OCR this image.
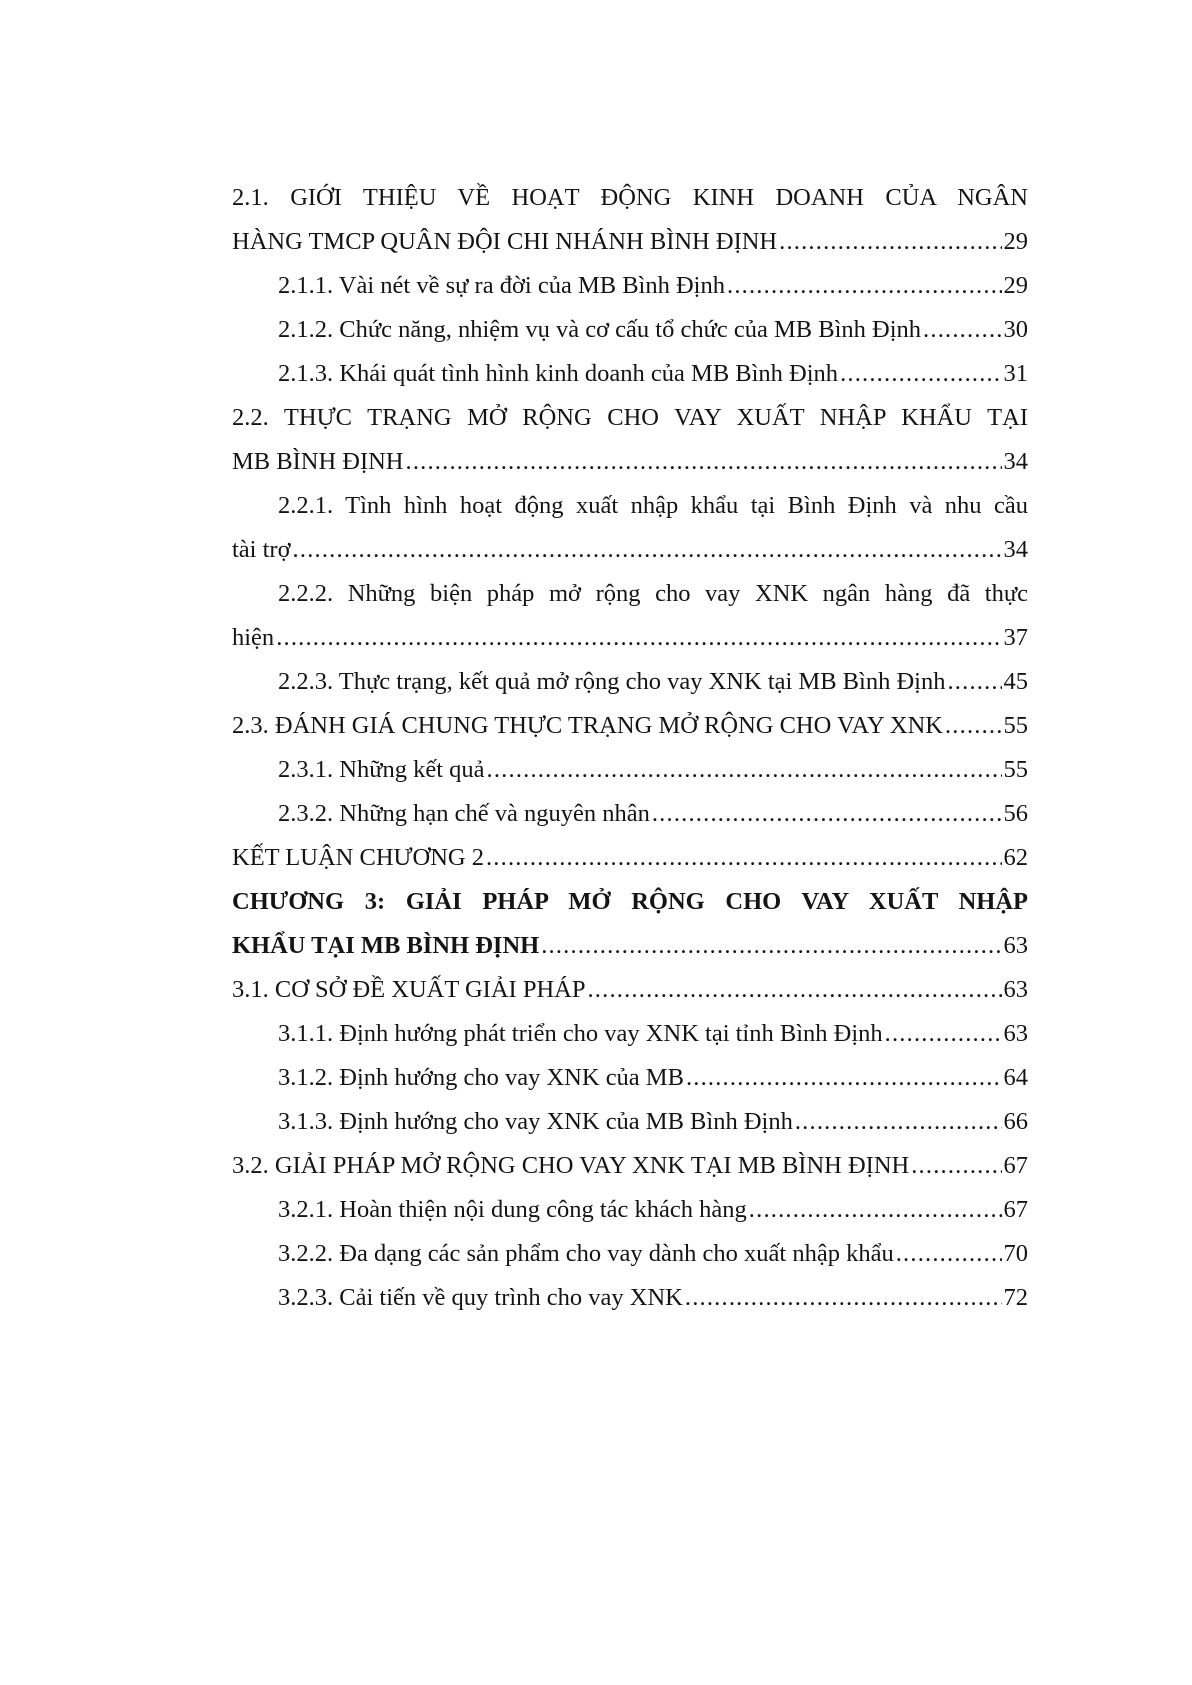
2.1. GIỚI THIỆU VỀ HOẠT ĐỘNG KINH DOANH CỦA NGÂN
HÀNG TMCP QUÂN ĐỘI CHI NHÁNH BÌNH ĐỊNH .....	29
2.1.1. Vài nét về sự ra đời của MB Bình Định .....	29
2.1.2. Chức năng, nhiệm vụ và cơ cấu tổ chức của MB Bình Định .....	30
2.1.3. Khái quát tình hình kinh doanh của MB Bình Định .....	31
2.2. THỰC TRẠNG MỞ RỘNG CHO VAY XUẤT NHẬP KHẨU TẠI
MB BÌNH ĐỊNH .....	34
2.2.1. Tình hình hoạt động xuất nhập khẩu tại Bình Định và nhu cầu
tài trợ .....	34
2.2.2. Những biện pháp mở rộng cho vay XNK ngân hàng đã thực
hiện .....	37
2.2.3. Thực trạng, kết quả mở rộng cho vay XNK tại MB Bình Định ..... 45
2.3. ĐÁNH GIÁ CHUNG THỰC TRẠNG MỞ RỘNG CHO VAY XNK ..... 55
2.3.1. Những kết quả .....	55
2.3.2. Những hạn chế và nguyên nhân .....	56
KẾT LUẬN CHƯƠNG 2 .....	62
CHƯƠNG 3: GIẢI PHÁP MỞ RỘNG CHO VAY XUẤT NHẬP
KHẨU TẠI MB BÌNH ĐỊNH .....	63
3.1. CƠ SỞ ĐỀ XUẤT GIẢI PHÁP .....	63
3.1.1. Định hướng phát triển cho vay XNK tại tỉnh Bình Định .....	63
3.1.2. Định hướng cho vay XNK của MB .....	64
3.1.3. Định hướng cho vay XNK của MB Bình Định .....	66
3.2. GIẢI PHÁP MỞ RỘNG CHO VAY XNK TẠI MB BÌNH ĐỊNH .....	67
3.2.1. Hoàn thiện nội dung công tác khách hàng .....	67
3.2.2. Đa dạng các sản phẩm cho vay dành cho xuất nhập khẩu .....	70
3.2.3. Cải tiến về quy trình cho vay XNK .....	72
